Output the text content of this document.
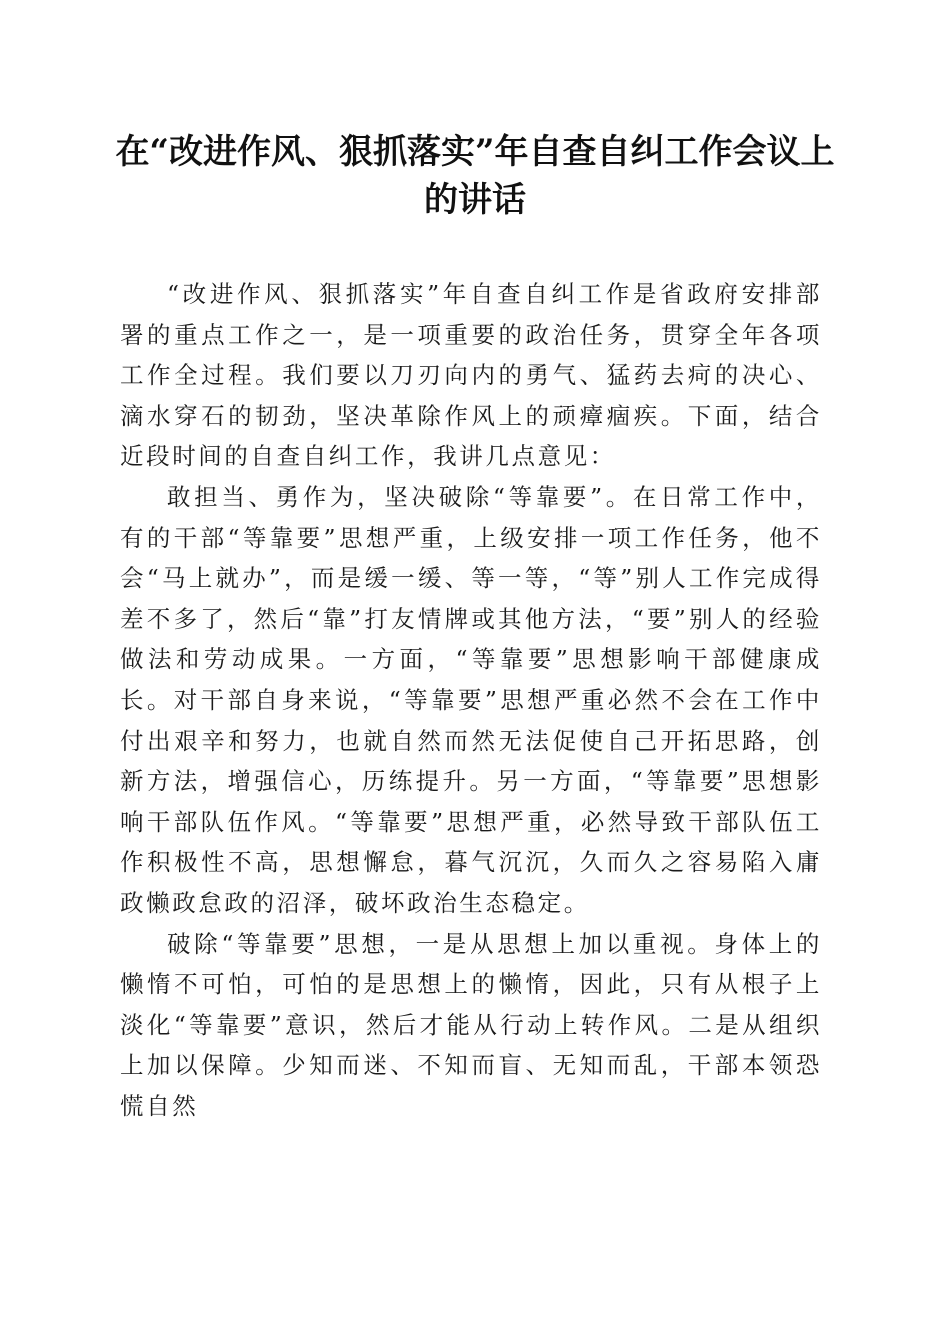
在“改进作风、狠抓落实”年自查自纠工作会议上的讲话

“改进作风、狠抓落实”年自查自纠工作是省政府安排部署的重点工作之一，是一项重要的政治任务，贯穿全年各项工作全过程。我们要以刀刃向内的勇气、猛药去疴的决心、滴水穿石的韧劲，坚决革除作风上的顽瘴痼疾。下面，结合近段时间的自查自纠工作，我讲几点意见：

敢担当、勇作为，坚决破除“等靠要”。在日常工作中，有的干部“等靠要”思想严重，上级安排一项工作任务，他不会“马上就办”，而是缓一缓、等一等，“等”别人工作完成得差不多了，然后“靠”打友情牌或其他方法，“要”别人的经验做法和劳动成果。一方面，“等靠要”思想影响干部健康成长。对干部自身来说，“等靠要”思想严重必然不会在工作中付出艰辛和努力，也就自然而然无法促使自己开拓思路，创新方法，增强信心，历练提升。另一方面，“等靠要”思想影响干部队伍作风。“等靠要”思想严重，必然导致干部队伍工作积极性不高，思想懈怠，暮气沉沉，久而久之容易陷入庸政懒政怠政的沼泽，破坏政治生态稳定。

破除“等靠要”思想，一是从思想上加以重视。身体上的懒惰不可怕，可怕的是思想上的懒惰，因此，只有从根子上淡化“等靠要”意识，然后才能从行动上转作风。二是从组织上加以保障。少知而迷、不知而盲、无知而乱，干部本领恐慌自然
